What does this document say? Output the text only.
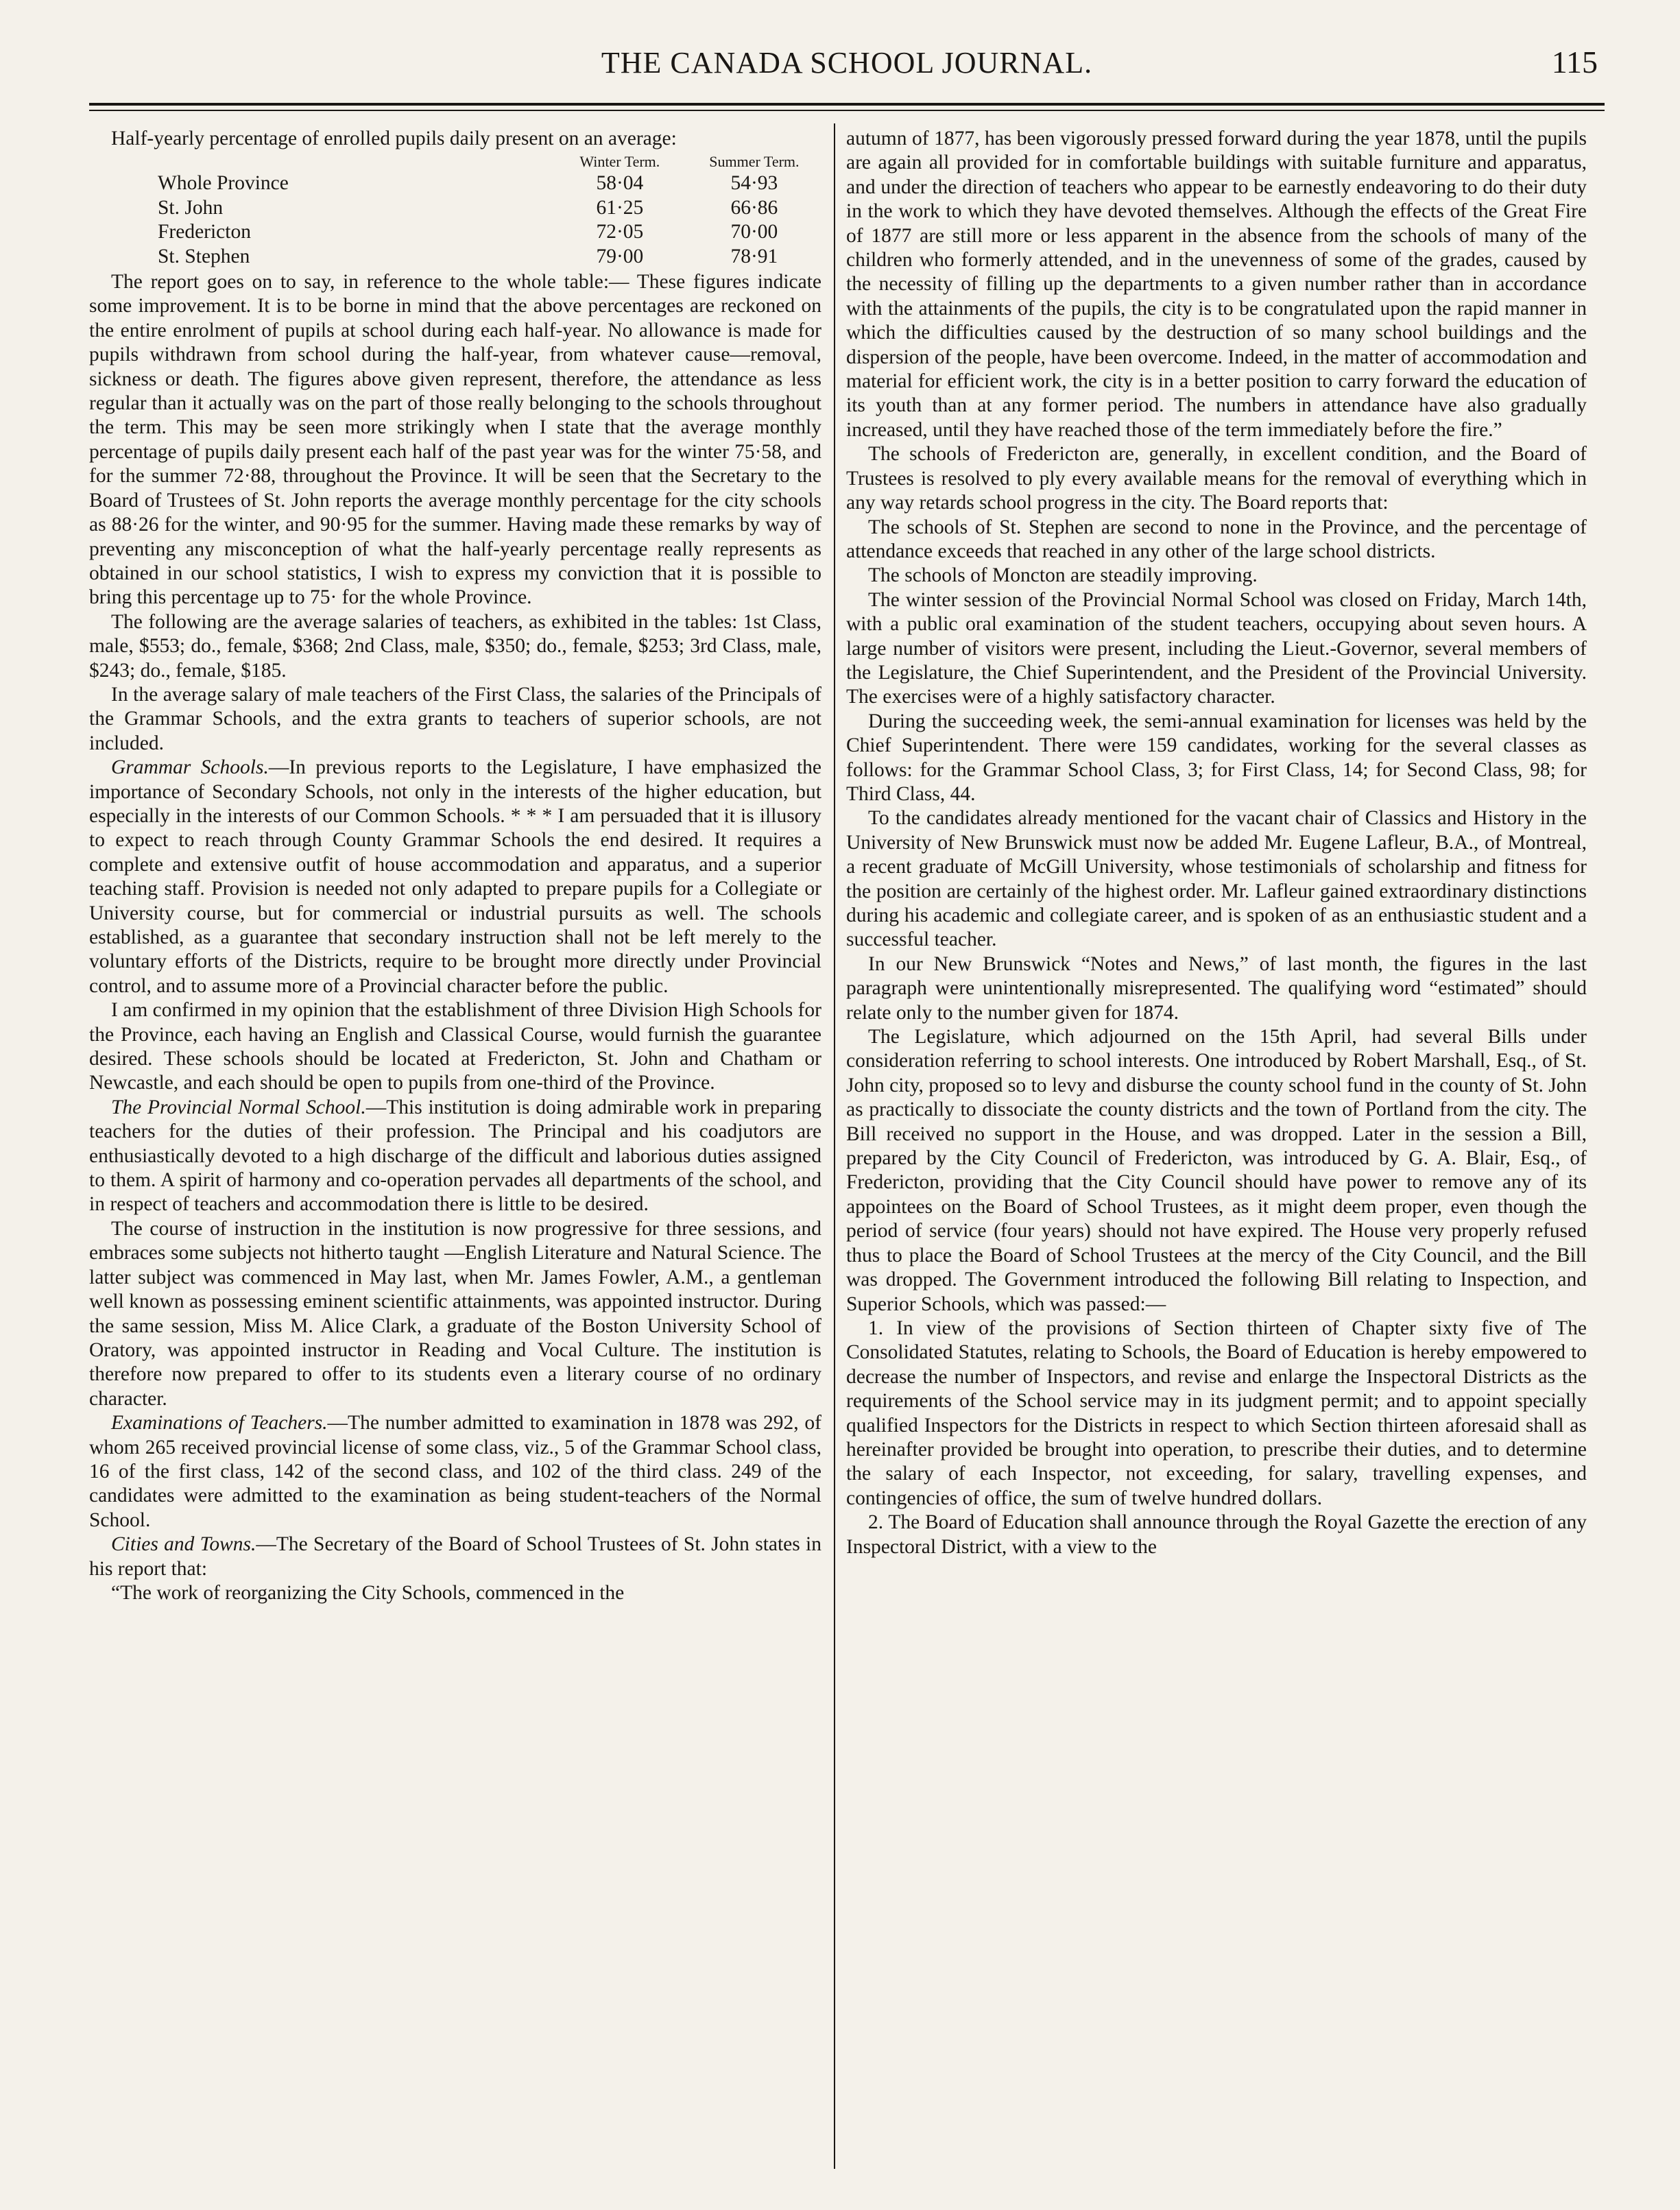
THE CANADA SCHOOL JOURNAL.	115

Half-yearly percentage of enrolled pupils daily present on an average:

	Winter Term.	Summer Term.
Whole Province	58·04	54·93
St. John	61·25	66·86
Fredericton	72·05	70·00
St. Stephen	79·00	78·91

The report goes on to say, in reference to the whole table:— These figures indicate some improvement. It is to be borne in mind that the above percentages are reckoned on the entire enrolment of pupils at school during each half-year. No allowance is made for pupils withdrawn from school during the half-year, from whatever cause—removal, sickness or death. The figures above given represent, therefore, the attendance as less regular than it actually was on the part of those really belonging to the schools throughout the term. This may be seen more strikingly when I state that the average monthly percentage of pupils daily present each half of the past year was for the winter 75·58, and for the summer 72·88, throughout the Province. It will be seen that the Secretary to the Board of Trustees of St. John reports the average monthly percentage for the city schools as 88·26 for the winter, and 90·95 for the summer. Having made these remarks by way of preventing any misconception of what the half-yearly percentage really represents as obtained in our school statistics, I wish to express my conviction that it is possible to bring this percentage up to 75· for the whole Province.

The following are the average salaries of teachers, as exhibited in the tables: 1st Class, male, $553; do., female, $368; 2nd Class, male, $350; do., female, $253; 3rd Class, male, $243; do., female, $185.

In the average salary of male teachers of the First Class, the salaries of the Principals of the Grammar Schools, and the extra grants to teachers of superior schools, are not included.

Grammar Schools.—In previous reports to the Legislature, I have emphasized the importance of Secondary Schools, not only in the interests of the higher education, but especially in the interests of our Common Schools. * * * I am persuaded that it is illusory to expect to reach through County Grammar Schools the end desired. It requires a complete and extensive outfit of house accommodation and apparatus, and a superior teaching staff. Provision is needed not only adapted to prepare pupils for a Collegiate or University course, but for commercial or industrial pursuits as well. The schools established, as a guarantee that secondary instruction shall not be left merely to the voluntary efforts of the Districts, require to be brought more directly under Provincial control, and to assume more of a Provincial character before the public.

I am confirmed in my opinion that the establishment of three Division High Schools for the Province, each having an English and Classical Course, would furnish the guarantee desired. These schools should be located at Fredericton, St. John and Chatham or Newcastle, and each should be open to pupils from one-third of the Province.

The Provincial Normal School.—This institution is doing admirable work in preparing teachers for the duties of their profession. The Principal and his coadjutors are enthusiastically devoted to a high discharge of the difficult and laborious duties assigned to them. A spirit of harmony and co-operation pervades all departments of the school, and in respect of teachers and accommodation there is little to be desired.

The course of instruction in the institution is now progressive for three sessions, and embraces some subjects not hitherto taught —English Literature and Natural Science. The latter subject was commenced in May last, when Mr. James Fowler, A.M., a gentleman well known as possessing eminent scientific attainments, was appointed instructor. During the same session, Miss M. Alice Clark, a graduate of the Boston University School of Oratory, was appointed instructor in Reading and Vocal Culture. The institution is therefore now prepared to offer to its students even a literary course of no ordinary character.

Examinations of Teachers.—The number admitted to examination in 1878 was 292, of whom 265 received provincial license of some class, viz., 5 of the Grammar School class, 16 of the first class, 142 of the second class, and 102 of the third class. 249 of the candidates were admitted to the examination as being student-teachers of the Normal School.

Cities and Towns.—The Secretary of the Board of School Trustees of St. John states in his report that:

“The work of reorganizing the City Schools, commenced in the

autumn of 1877, has been vigorously pressed forward during the year 1878, until the pupils are again all provided for in comfortable buildings with suitable furniture and apparatus, and under the direction of teachers who appear to be earnestly endeavoring to do their duty in the work to which they have devoted themselves. Although the effects of the Great Fire of 1877 are still more or less apparent in the absence from the schools of many of the children who formerly attended, and in the unevenness of some of the grades, caused by the necessity of filling up the departments to a given number rather than in accordance with the attainments of the pupils, the city is to be congratulated upon the rapid manner in which the difficulties caused by the destruction of so many school buildings and the dispersion of the people, have been overcome. Indeed, in the matter of accommodation and material for efficient work, the city is in a better position to carry forward the education of its youth than at any former period. The numbers in attendance have also gradually increased, until they have reached those of the term immediately before the fire.”

The schools of Fredericton are, generally, in excellent condition, and the Board of Trustees is resolved to ply every available means for the removal of everything which in any way retards school progress in the city. The Board reports that:

The schools of St. Stephen are second to none in the Province, and the percentage of attendance exceeds that reached in any other of the large school districts.

The schools of Moncton are steadily improving.

The winter session of the Provincial Normal School was closed on Friday, March 14th, with a public oral examination of the student teachers, occupying about seven hours. A large number of visitors were present, including the Lieut.-Governor, several members of the Legislature, the Chief Superintendent, and the President of the Provincial University. The exercises were of a highly satisfactory character.

During the succeeding week, the semi-annual examination for licenses was held by the Chief Superintendent. There were 159 candidates, working for the several classes as follows: for the Grammar School Class, 3; for First Class, 14; for Second Class, 98; for Third Class, 44.

To the candidates already mentioned for the vacant chair of Classics and History in the University of New Brunswick must now be added Mr. Eugene Lafleur, B.A., of Montreal, a recent graduate of McGill University, whose testimonials of scholarship and fitness for the position are certainly of the highest order. Mr. Lafleur gained extraordinary distinctions during his academic and collegiate career, and is spoken of as an enthusiastic student and a successful teacher.

In our New Brunswick “Notes and News,” of last month, the figures in the last paragraph were unintentionally misrepresented. The qualifying word “estimated” should relate only to the number given for 1874.

The Legislature, which adjourned on the 15th April, had several Bills under consideration referring to school interests. One introduced by Robert Marshall, Esq., of St. John city, proposed so to levy and disburse the county school fund in the county of St. John as practically to dissociate the county districts and the town of Portland from the city. The Bill received no support in the House, and was dropped. Later in the session a Bill, prepared by the City Council of Fredericton, was introduced by G. A. Blair, Esq., of Fredericton, providing that the City Council should have power to remove any of its appointees on the Board of School Trustees, as it might deem proper, even though the period of service (four years) should not have expired. The House very properly refused thus to place the Board of School Trustees at the mercy of the City Council, and the Bill was dropped. The Government introduced the following Bill relating to Inspection, and Superior Schools, which was passed:—

1. In view of the provisions of Section thirteen of Chapter sixty five of The Consolidated Statutes, relating to Schools, the Board of Education is hereby empowered to decrease the number of Inspectors, and revise and enlarge the Inspectoral Districts as the requirements of the School service may in its judgment permit; and to appoint specially qualified Inspectors for the Districts in respect to which Section thirteen aforesaid shall as hereinafter provided be brought into operation, to prescribe their duties, and to determine the salary of each Inspector, not exceeding, for salary, travelling expenses, and contingencies of office, the sum of twelve hundred dollars.

2. The Board of Education shall announce through the Royal Gazette the erection of any Inspectoral District, with a view to the
